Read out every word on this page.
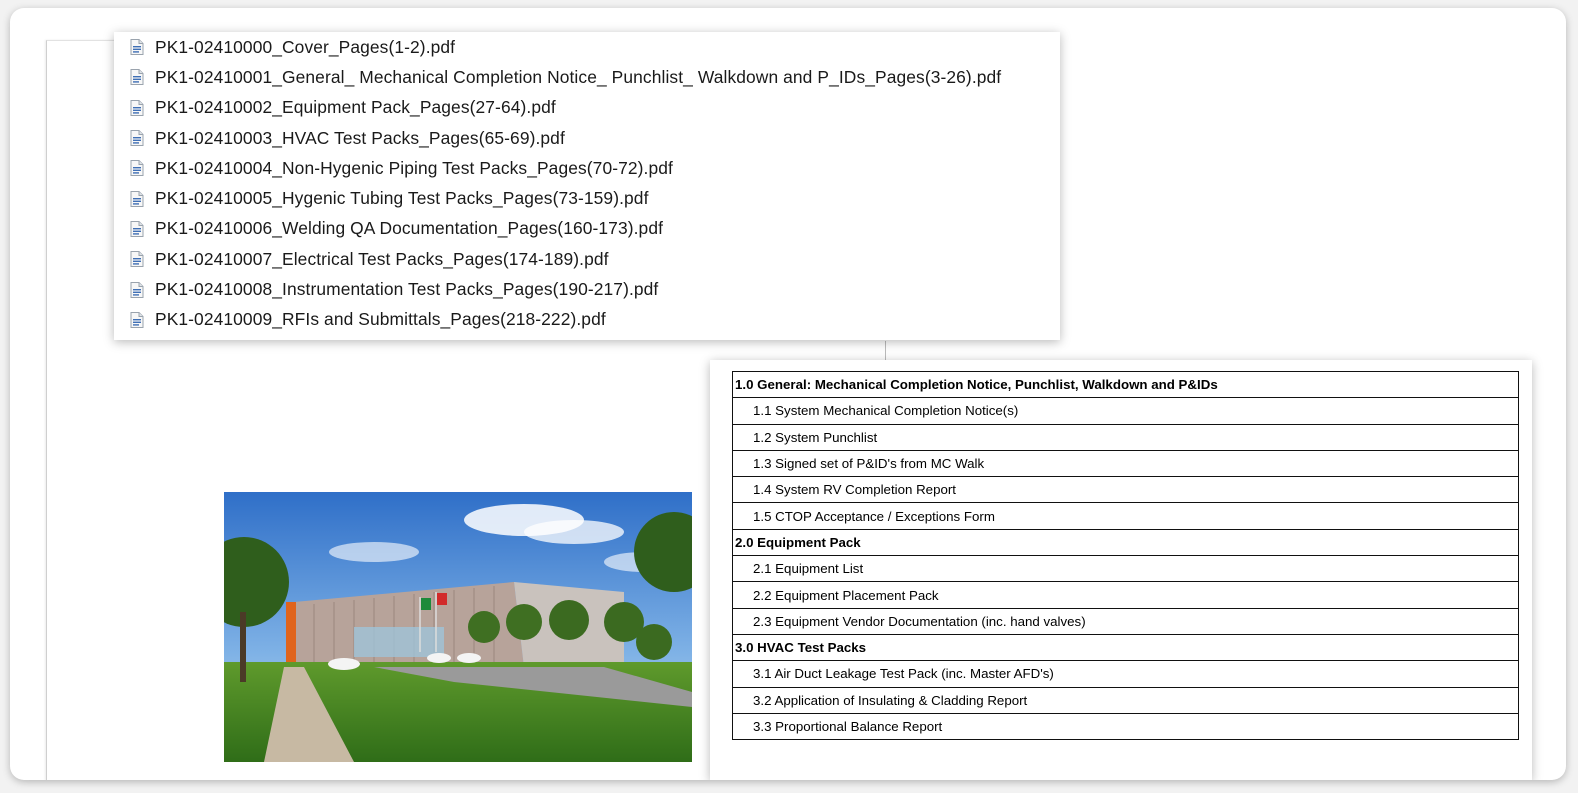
PK1-02410000_Cover_Pages(1-2).pdf
PK1-02410001_General_ Mechanical Completion Notice_ Punchlist_ Walkdown and P_IDs_Pages(3-26).pdf
PK1-02410002_Equipment Pack_Pages(27-64).pdf
PK1-02410003_HVAC Test Packs_Pages(65-69).pdf
PK1-02410004_Non-Hygenic Piping Test Packs_Pages(70-72).pdf
PK1-02410005_Hygenic Tubing Test Packs_Pages(73-159).pdf
PK1-02410006_Welding QA Documentation_Pages(160-173).pdf
PK1-02410007_Electrical Test Packs_Pages(174-189).pdf
PK1-02410008_Instrumentation Test Packs_Pages(190-217).pdf
PK1-02410009_RFIs and Submittals_Pages(218-222).pdf
1.0 General: Mechanical Completion Notice, Punchlist, Walkdown and P&IDs
1.1 System Mechanical Completion Notice(s)
1.2 System Punchlist
1.3 Signed set of P&ID's from MC Walk
1.4 System RV Completion Report
1.5 CTOP Acceptance / Exceptions Form
2.0 Equipment Pack
2.1 Equipment List
2.2 Equipment Placement Pack
2.3 Equipment Vendor Documentation (inc. hand valves)
3.0 HVAC Test Packs
3.1 Air Duct Leakage Test Pack (inc. Master AFD's)
3.2 Application of Insulating & Cladding Report
3.3 Proportional Balance Report
